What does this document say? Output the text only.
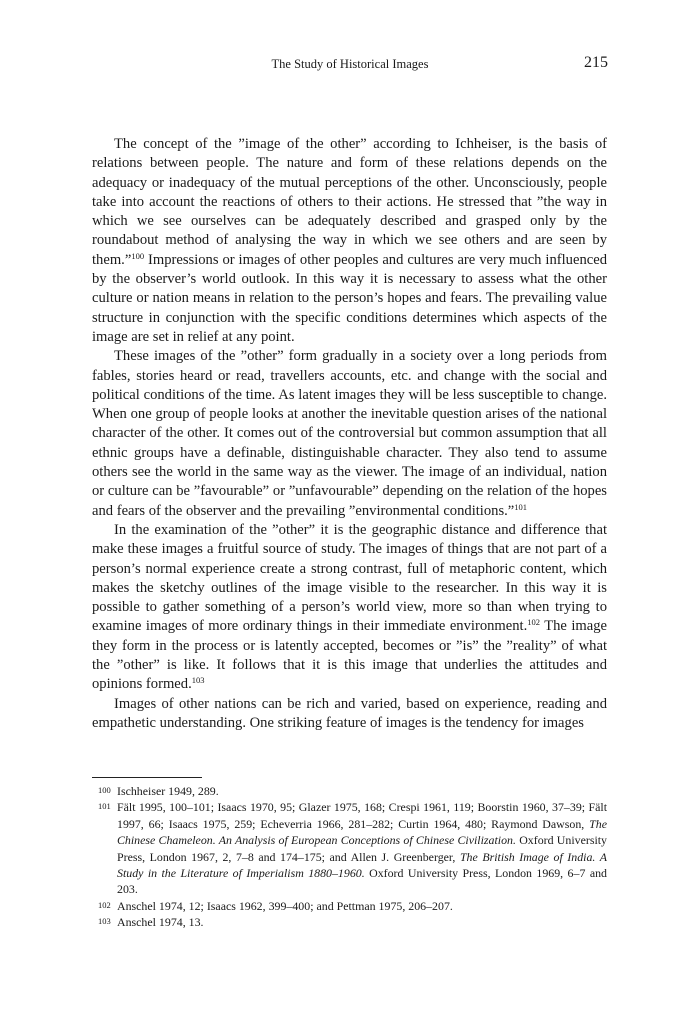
The Study of Historical Images	215

The concept of the ”image of the other” according to Ichheiser, is the basis of relations between people. The nature and form of these relations depends on the adequacy or inadequacy of the mutual perceptions of the other. Unconsciously, people take into account the reactions of others to their actions. He stressed that ”the way in which we see ourselves can be adequately described and grasped only by the roundabout method of analysing the way in which we see others and are seen by them.”$^{100}$ Impressions or images of other peoples and cultures are very much influenced by the observer’s world outlook. In this way it is necessary to assess what the other culture or nation means in relation to the person’s hopes and fears. The prevailing value structure in conjunction with the specific conditions determines which aspects of the image are set in relief at any point.

These images of the ”other” form gradually in a society over a long periods from fables, stories heard or read, travellers accounts, etc. and change with the social and political conditions of the time. As latent images they will be less susceptible to change. When one group of people looks at another the inevitable question arises of the national character of the other. It comes out of the controversial but common assumption that all ethnic groups have a definable, distinguishable character. They also tend to assume others see the world in the same way as the viewer. The image of an individual, nation or culture can be ”favourable” or ”unfavourable” depending on the relation of the hopes and fears of the observer and the prevailing ”environmental conditions.”$^{101}$

In the examination of the ”other” it is the geographic distance and difference that make these images a fruitful source of study. The images of things that are not part of a person’s normal experience create a strong contrast, full of metaphoric content, which makes the sketchy outlines of the image visible to the researcher. In this way it is possible to gather something of a person’s world view, more so than when trying to examine images of more ordinary things in their immediate environment.$^{102}$ The image they form in the process or is latently accepted, becomes or ”is” the ”reality” of what the ”other” is like. It follows that it is this image that underlies the attitudes and opinions formed.$^{103}$

Images of other nations can be rich and varied, based on experience, reading and empathetic understanding. One striking feature of images is the tendency for images

100 Ischheiser 1949, 289.
101 Fält 1995, 100–101; Isaacs 1970, 95; Glazer 1975, 168; Crespi 1961, 119; Boorstin 1960, 37–39; Fält 1997, 66; Isaacs 1975, 259; Echeverria 1966, 281–282; Curtin 1964, 480; Raymond Dawson, The Chinese Chameleon. An Analysis of European Conceptions of Chinese Civilization. Oxford University Press, London 1967, 2, 7–8 and 174–175; and Allen J. Greenberger, The British Image of India. A Study in the Literature of Imperialism 1880–1960. Oxford University Press, London 1969, 6–7 and 203.
102 Anschel 1974, 12; Isaacs 1962, 399–400; and Pettman 1975, 206–207.
103 Anschel 1974, 13.
